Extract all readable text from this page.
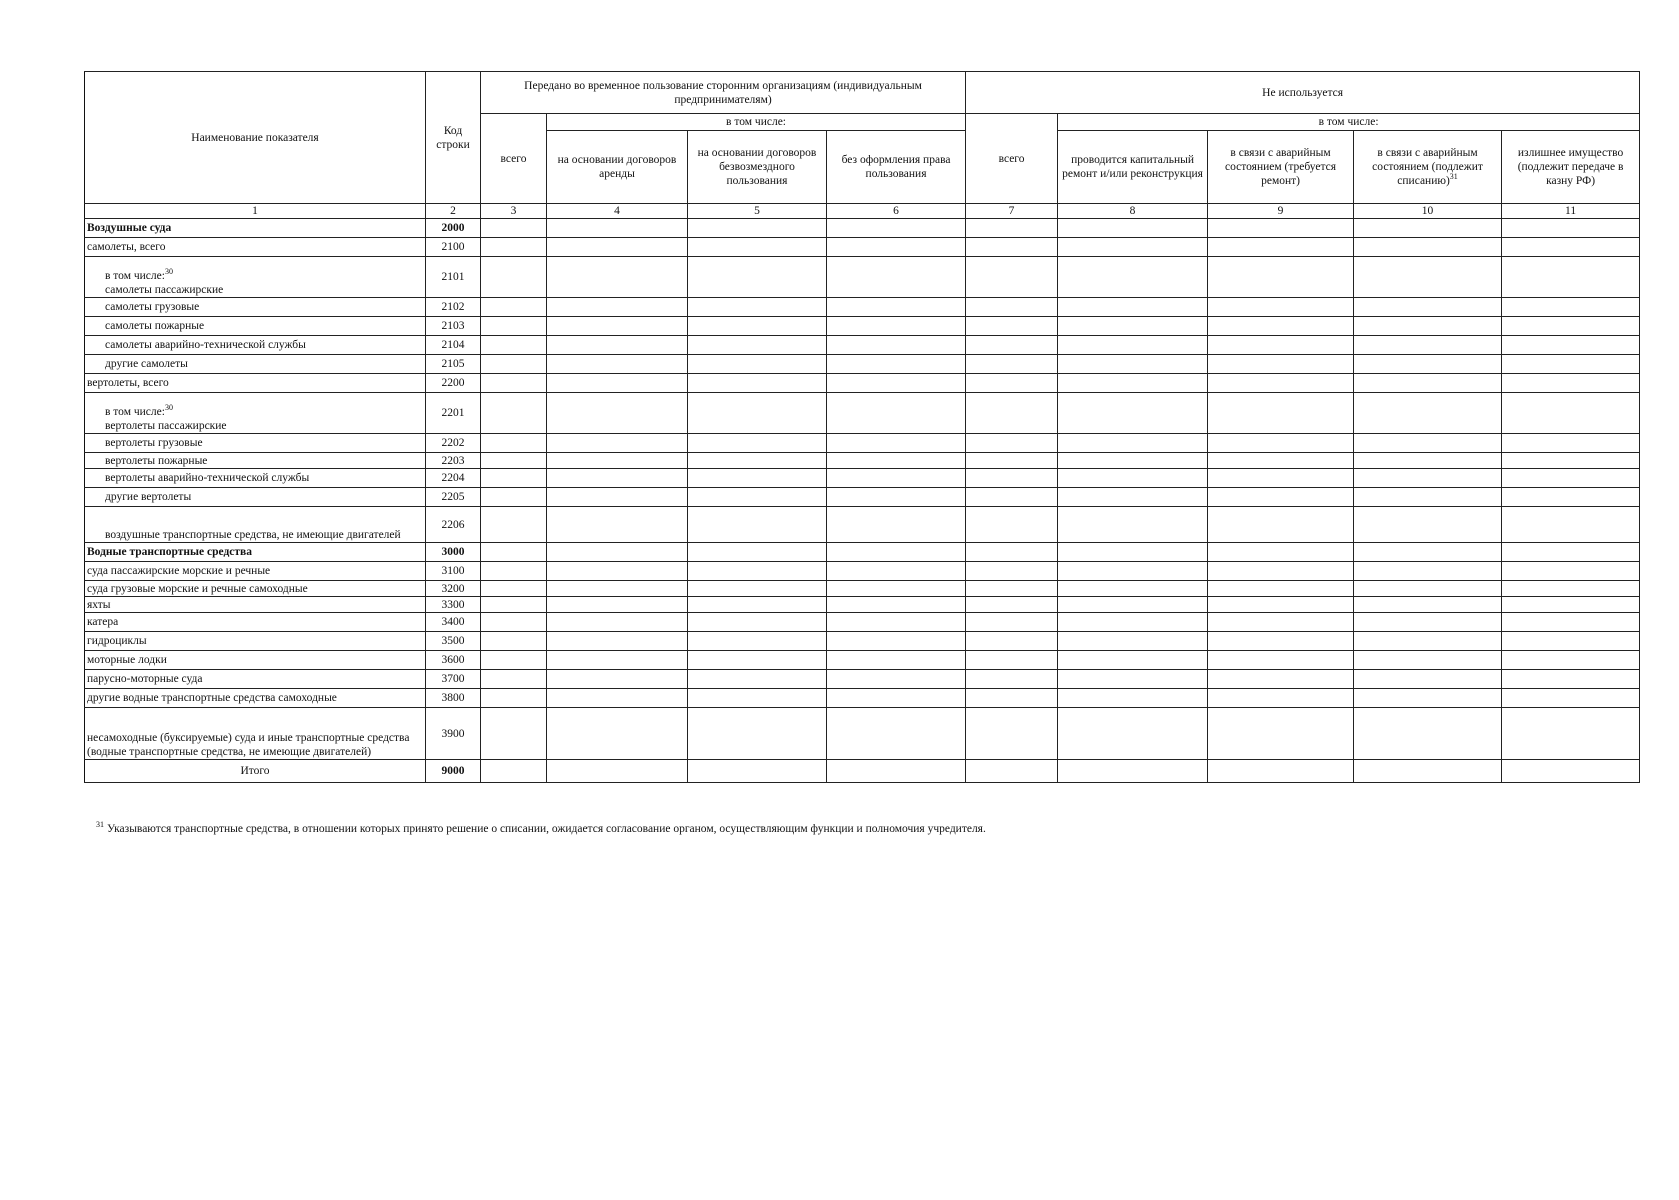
Наименование показателя	Код строки	Передано во временное пользование сторонним организациям (индивидуальным предпринимателям)				Не используется				
		всего	в том числе:			всего	в том числе:			
			на основании договоров аренды	на основании договоров безвозмездного пользования	без оформления права пользования		проводится капитальный ремонт и/или реконструкция	в связи с аварийным состоянием (требуется ремонт)	в связи с аварийным состоянием (подлежит списанию)$^{31}$	излишнее имущество (подлежит передаче в казну РФ)
1	2	3	4	5	6	7	8	9	10	11
Воздушные суда	2000									
самолеты, всего	2100									

в том числе:$^{30}$
самолеты пассажирские	2101									
самолеты грузовые	2102									
самолеты пожарные	2103									
самолеты аварийно-технической службы	2104									
другие самолеты	2105									
вертолеты, всего	2200									

в том числе:$^{30}$
вертолеты пассажирские	2201									
вертолеты грузовые	2202									
вертолеты пожарные	2203									
вертолеты аварийно-технической службы	2204									
другие вертолеты	2205									
воздушные транспортные средства, не имеющие двигателей	2206									
Водные транспортные средства	3000									
суда пассажирские морские и речные	3100									
суда грузовые морские и речные самоходные	3200									
яхты	3300									
катера	3400									
гидроциклы	3500									
моторные лодки	3600									
парусно-моторные суда	3700									
другие водные транспортные средства самоходные	3800									
несамоходные (буксируемые) суда и иные транспортные средства (водные транспортные средства, не имеющие двигателей)	3900									
Итого	9000									
$^{31}$ Указываются транспортные средства, в отношении которых принято решение о списании, ожидается согласование органом, осуществляющим функции и полномочия учредителя.
